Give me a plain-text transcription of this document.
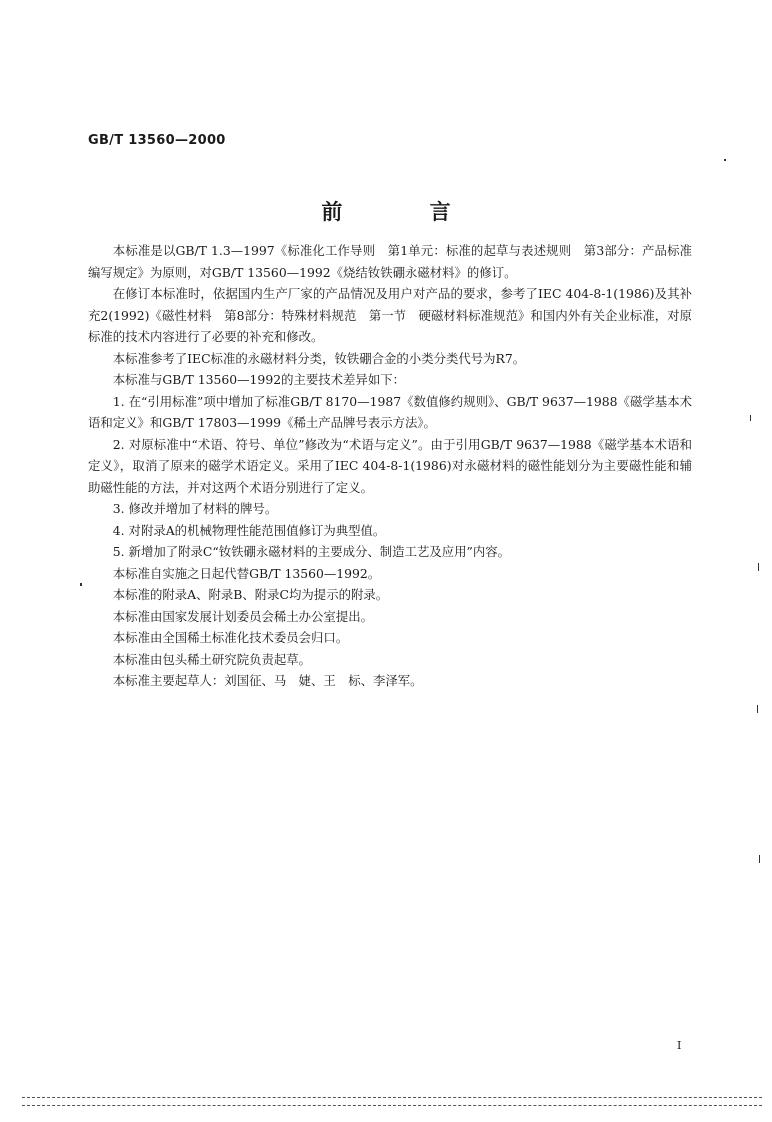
GB/T 13560—2000
前 言

本标准是以GB/T 1.3—1997《标准化工作导则　第1单元：标准的起草与表述规则　第3部分：产品标准编写规定》为原则，对GB/T 13560—1992《烧结钕铁硼永磁材料》的修订。

在修订本标准时，依据国内生产厂家的产品情况及用户对产品的要求，参考了IEC 404-8-1(1986)及其补充2(1992)《磁性材料　第8部分：特殊材料规范　第一节　硬磁材料标准规范》和国内外有关企业标准，对原标准的技术内容进行了必要的补充和修改。

本标准参考了IEC标准的永磁材料分类，钕铁硼合金的小类分类代号为R7。

本标准与GB/T 13560—1992的主要技术差异如下：

1. 在“引用标准”项中增加了标准GB/T 8170—1987《数值修约规则》、GB/T 9637—1988《磁学基本术语和定义》和GB/T 17803—1999《稀土产品牌号表示方法》。

2. 对原标准中“术语、符号、单位”修改为“术语与定义”。由于引用GB/T 9637—1988《磁学基本术语和定义》，取消了原来的磁学术语定义。采用了IEC 404-8-1(1986)对永磁材料的磁性能划分为主要磁性能和辅助磁性能的方法，并对这两个术语分别进行了定义。

3. 修改并增加了材料的牌号。

4. 对附录A的机械物理性能范围值修订为典型值。

5. 新增加了附录C“钕铁硼永磁材料的主要成分、制造工艺及应用”内容。

本标准自实施之日起代替GB/T 13560—1992。

本标准的附录A、附录B、附录C均为提示的附录。

本标准由国家发展计划委员会稀土办公室提出。

本标准由全国稀土标准化技术委员会归口。

本标准由包头稀土研究院负责起草。

本标准主要起草人：刘国征、马　婕、王　标、李泽军。

I
